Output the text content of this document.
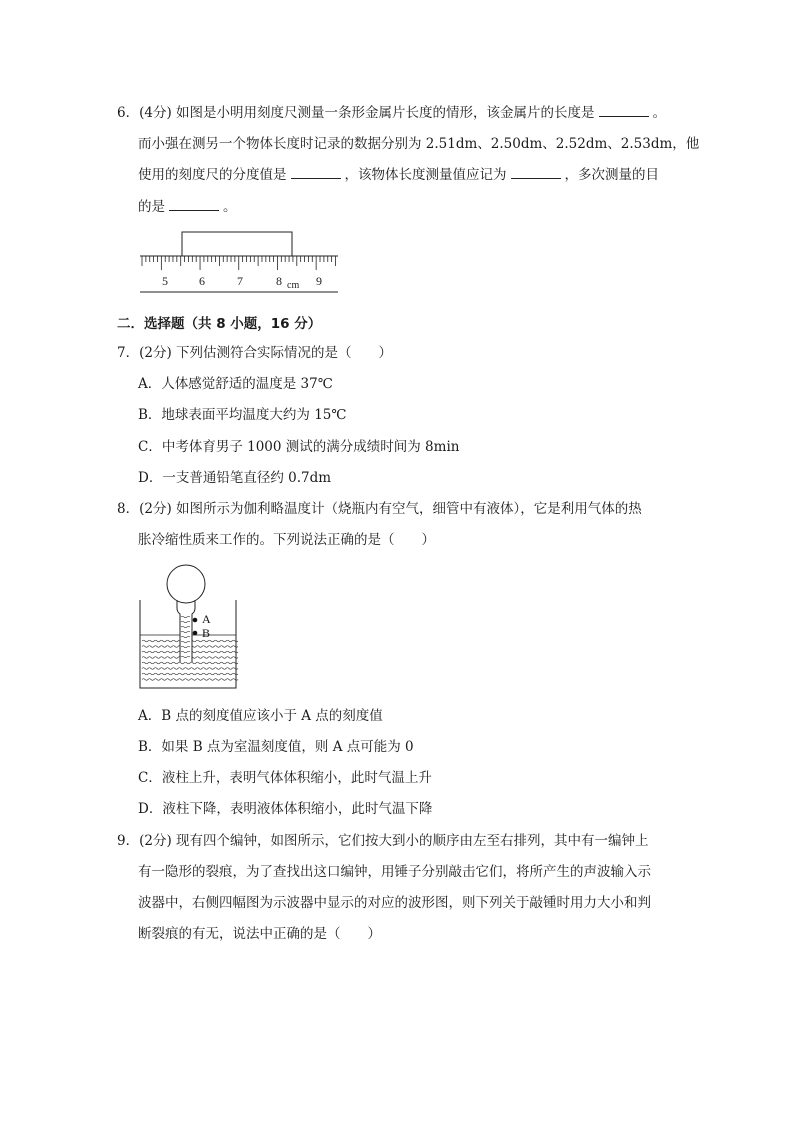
6．(4分) 如图是小明用刻度尺测量一条形金属片长度的情形，该金属片的长度是	。
而小强在测另一个物体长度时记录的数据分别为 2.51dm、2.50dm、2.52dm、2.53dm，他
使用的刻度尺的分度值是	，该物体长度测量值应记为	，多次测量的目
的是	。
5	6	7	8 cm 9
二．选择题（共 8 小题，16 分）
7．(2分) 下列估测符合实际情况的是（　　）
A．人体感觉舒适的温度是 37℃
B．地球表面平均温度大约为 15℃
C．中考体育男子 1000 测试的满分成绩时间为 8min
D．一支普通铅笔直径约 0.7dm
8．(2分) 如图所示为伽利略温度计（烧瓶内有空气，细管中有液体），它是利用气体的热
胀冷缩性质来工作的。下列说法正确的是（　　）
A
B
A．B 点的刻度值应该小于 A 点的刻度值
B．如果 B 点为室温刻度值，则 A 点可能为 0
C．液柱上升，表明气体体积缩小，此时气温上升
D．液柱下降，表明液体体积缩小，此时气温下降
9．(2分) 现有四个编钟，如图所示，它们按大到小的顺序由左至右排列，其中有一编钟上
有一隐形的裂痕，为了查找出这口编钟，用锤子分别敲击它们，将所产生的声波输入示
波器中，右侧四幅图为示波器中显示的对应的波形图，则下列关于敲锺时用力大小和判
断裂痕的有无，说法中正确的是（　　）
